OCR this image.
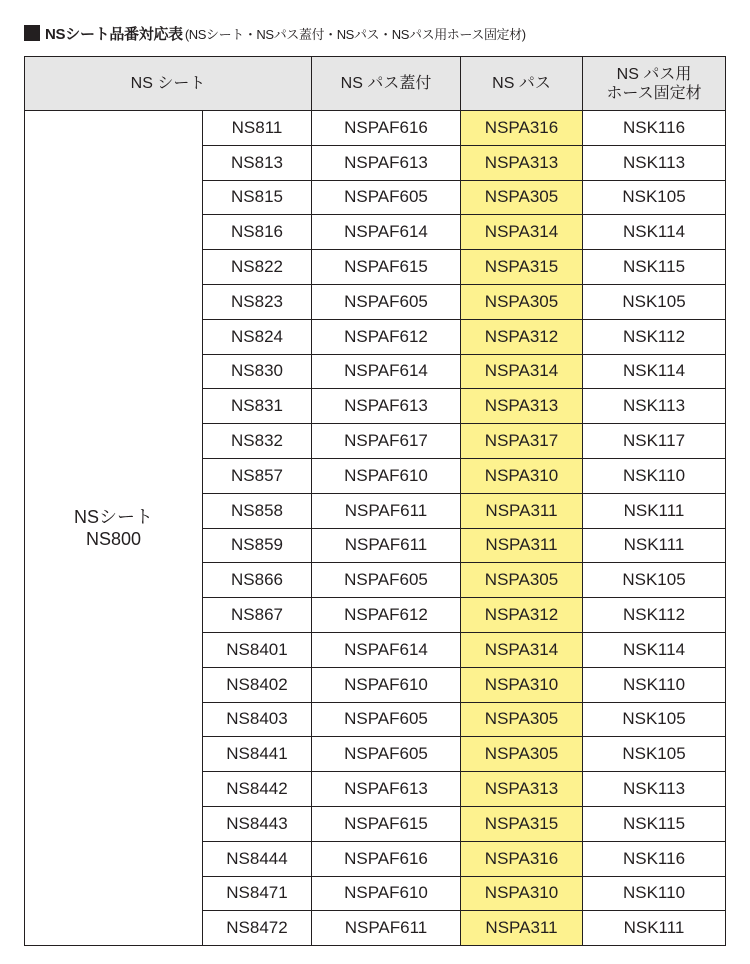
NSシート品番対応表 (NSシート・NSパス蓋付・NSパス・NSパス用ホース固定材)
NS シート		NS パス蓋付	NS パス	NS パス用
ホース固定材

NSシート
NS800	NS811	NSPAF616	NSPA316	NSK116
	NS813	NSPAF613	NSPA313	NSK113
	NS815	NSPAF605	NSPA305	NSK105
	NS816	NSPAF614	NSPA314	NSK114
	NS822	NSPAF615	NSPA315	NSK115
	NS823	NSPAF605	NSPA305	NSK105
	NS824	NSPAF612	NSPA312	NSK112
	NS830	NSPAF614	NSPA314	NSK114
	NS831	NSPAF613	NSPA313	NSK113
	NS832	NSPAF617	NSPA317	NSK117
	NS857	NSPAF610	NSPA310	NSK110
	NS858	NSPAF611	NSPA311	NSK111
	NS859	NSPAF611	NSPA311	NSK111
	NS866	NSPAF605	NSPA305	NSK105
	NS867	NSPAF612	NSPA312	NSK112
	NS8401	NSPAF614	NSPA314	NSK114
	NS8402	NSPAF610	NSPA310	NSK110
	NS8403	NSPAF605	NSPA305	NSK105
	NS8441	NSPAF605	NSPA305	NSK105
	NS8442	NSPAF613	NSPA313	NSK113
	NS8443	NSPAF615	NSPA315	NSK115
	NS8444	NSPAF616	NSPA316	NSK116
	NS8471	NSPAF610	NSPA310	NSK110
	NS8472	NSPAF611	NSPA311	NSK111
